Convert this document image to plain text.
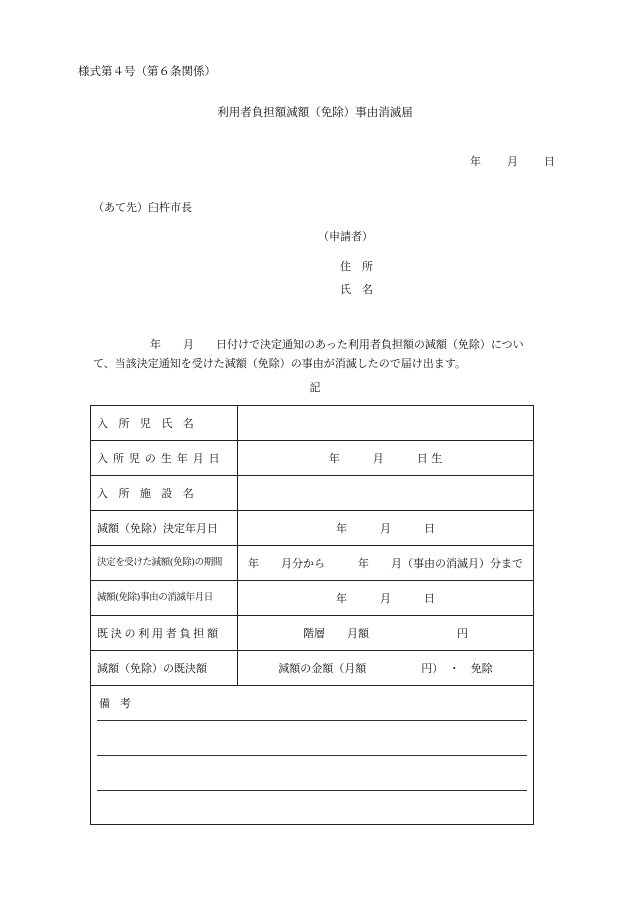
様式第４号（第６条関係）
利用者負担額減額（免除）事由消滅届
年 月 日
（あて先）臼杵市長
（申請者）
住　所
氏　名
年　　月　　日付けで決定通知のあった利用者負担額の減額（免除）につい
て、当該決定通知を受けた減額（免除）の事由が消滅したので届け出ます。
記
入所児氏名	
入所児の生年月日	年　　　月　　　日 生
入所施設名	
減額（免除）決定年月日	年　　　月　　　日
決定を受けた減額(免除)の期間	年　　月分から　　　年　　月（事由の消滅月）分まで
減額(免除)事由の消滅年月日	年　　　月　　　日
既決の利用者負担額	階層　　月額　　　　　　　　円
減額（免除）の既決額	減額の金額（月額　　　　　円）　・　免除

備考	
